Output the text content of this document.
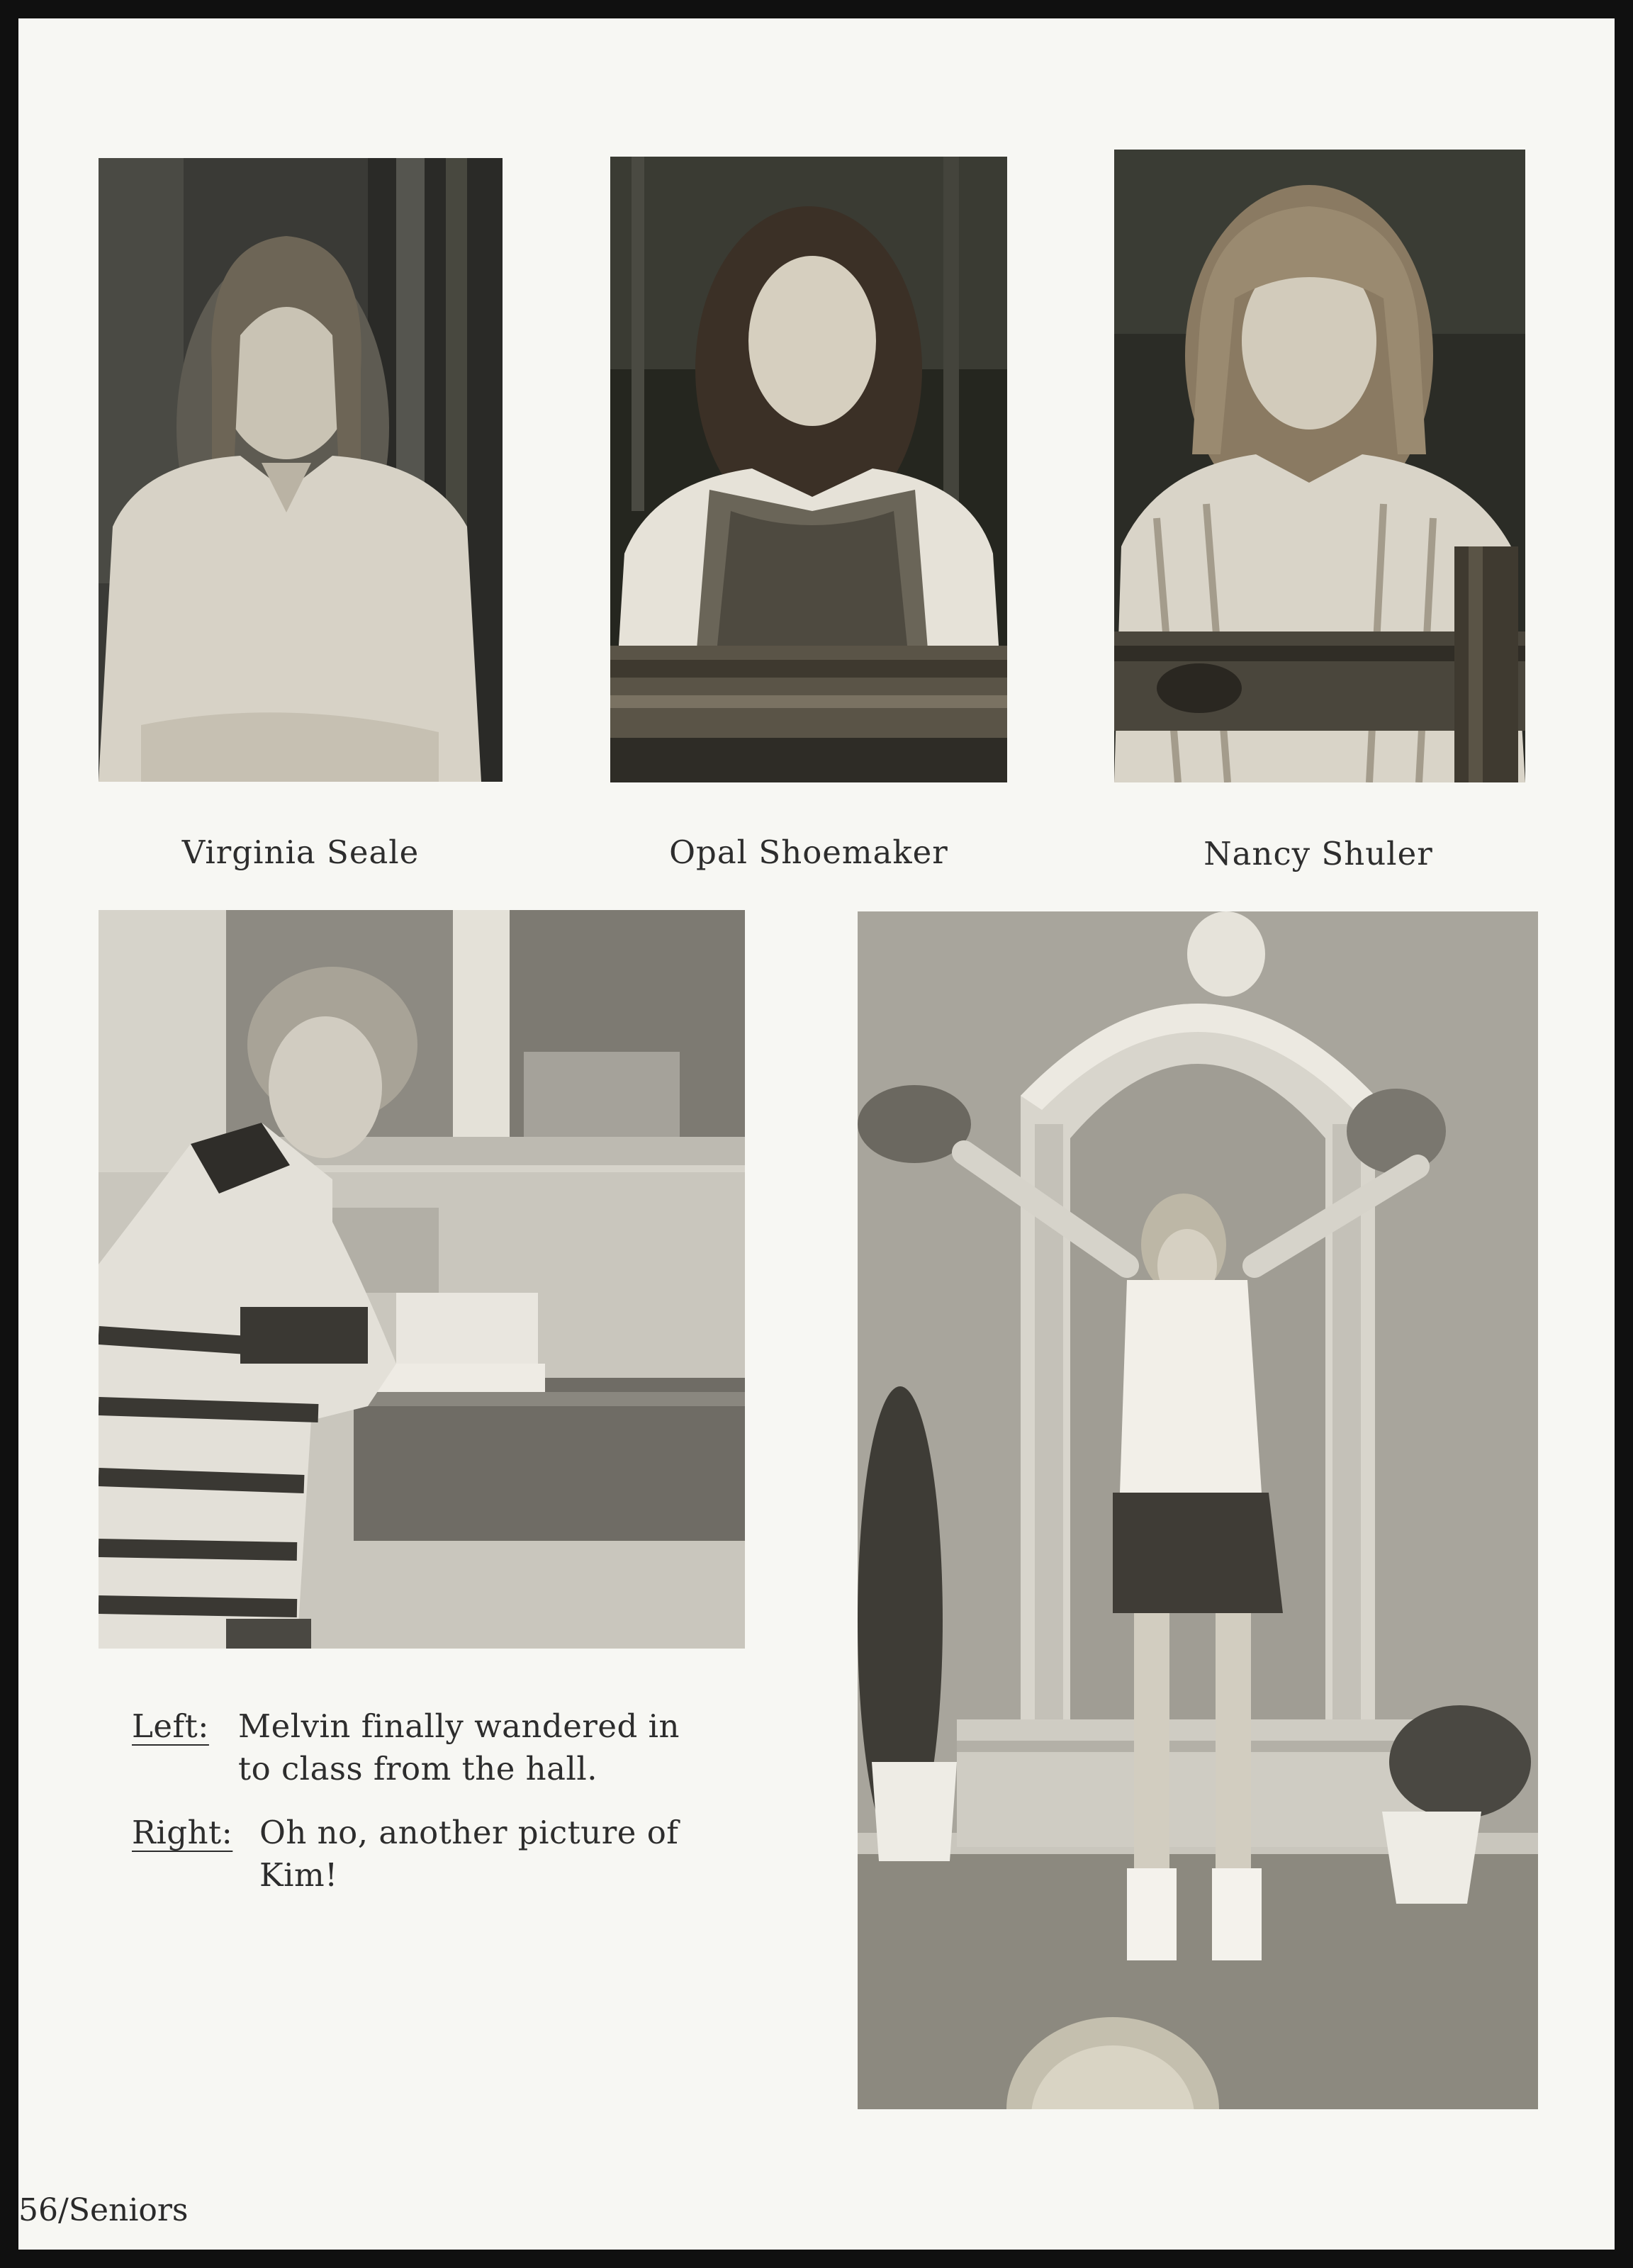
Virginia Seale	Opal Shoemaker	Nancy Shuler
Left: Melvin finally wandered in
to class from the hall.
Right: Oh no, another picture of
Kim!
56/Seniors
